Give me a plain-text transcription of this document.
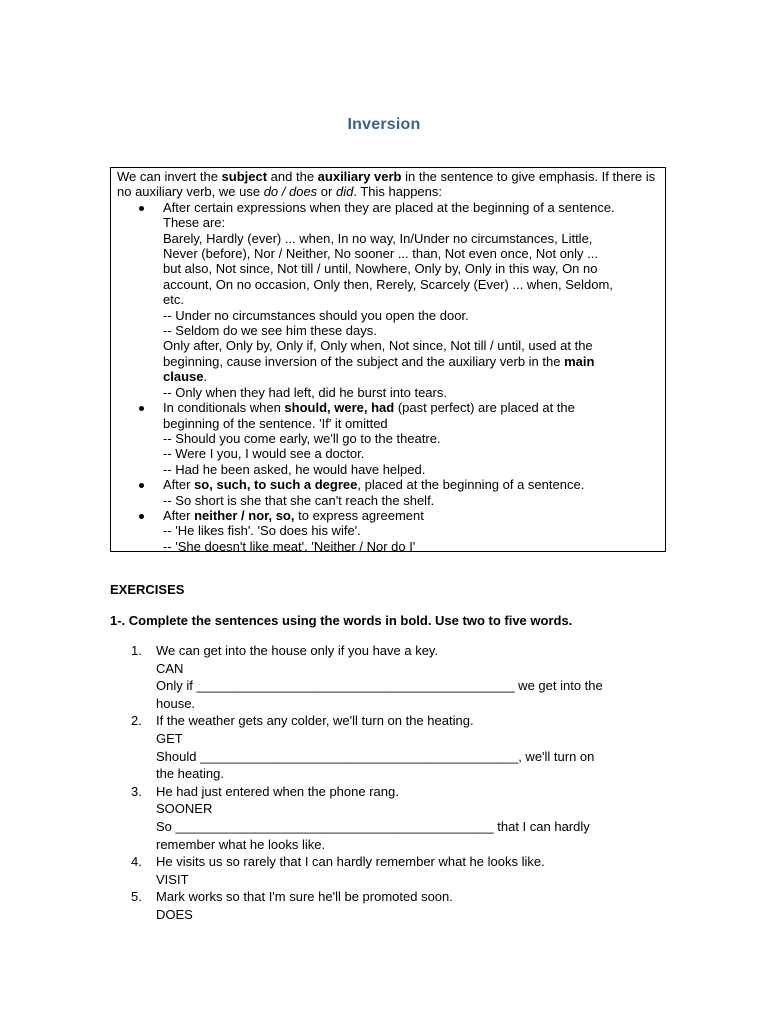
Inversion

We can invert the subject and the auxiliary verb in the sentence to give emphasis. If there is no auxiliary verb, we use do / does or did. This happens:

After certain expressions when they are placed at the beginning of a sentence.
These are:
Barely, Hardly (ever) ... when, In no way, In/Under no circumstances, Little,
Never (before), Nor / Neither, No sooner ... than, Not even once, Not only ...
but also, Not since, Not till / until, Nowhere, Only by, Only in this way, On no
account, On no occasion, Only then, Rerely, Scarcely (Ever) ... when, Seldom,
etc.
-- Under no circumstances should you open the door.
-- Seldom do we see him these days.
Only after, Only by, Only if, Only when, Not since, Not till / until, used at the
beginning, cause inversion of the subject and the auxiliary verb in the main
clause.
-- Only when they had left, did he burst into tears.
In conditionals when should, were, had (past perfect) are placed at the
beginning of the sentence. 'If' it omitted
-- Should you come early, we'll go to the theatre.
-- Were I you, I would see a doctor.
-- Had he been asked, he would have helped.
After so, such, to such a degree, placed at the beginning of a sentence.
-- So short is she that she can't reach the shelf.
After neither / nor, so, to express agreement
-- 'He likes fish'. 'So does his wife'.
-- 'She doesn't like meat'. 'Neither / Nor do I'
EXERCISES
1-. Complete the sentences using the words in bold. Use two to five words.
1. We can get into the house only if you have a key.
CAN
Only if ____________________________________________ we get into the
house.
2. If the weather gets any colder, we'll turn on the heating.
GET
Should ____________________________________________, we'll turn on
the heating.
3. He had just entered when the phone rang.
SOONER
So ____________________________________________ that I can hardly
remember what he looks like.
4. He visits us so rarely that I can hardly remember what he looks like.
VISIT
5. Mark works so that I'm sure he'll be promoted soon.
DOES
